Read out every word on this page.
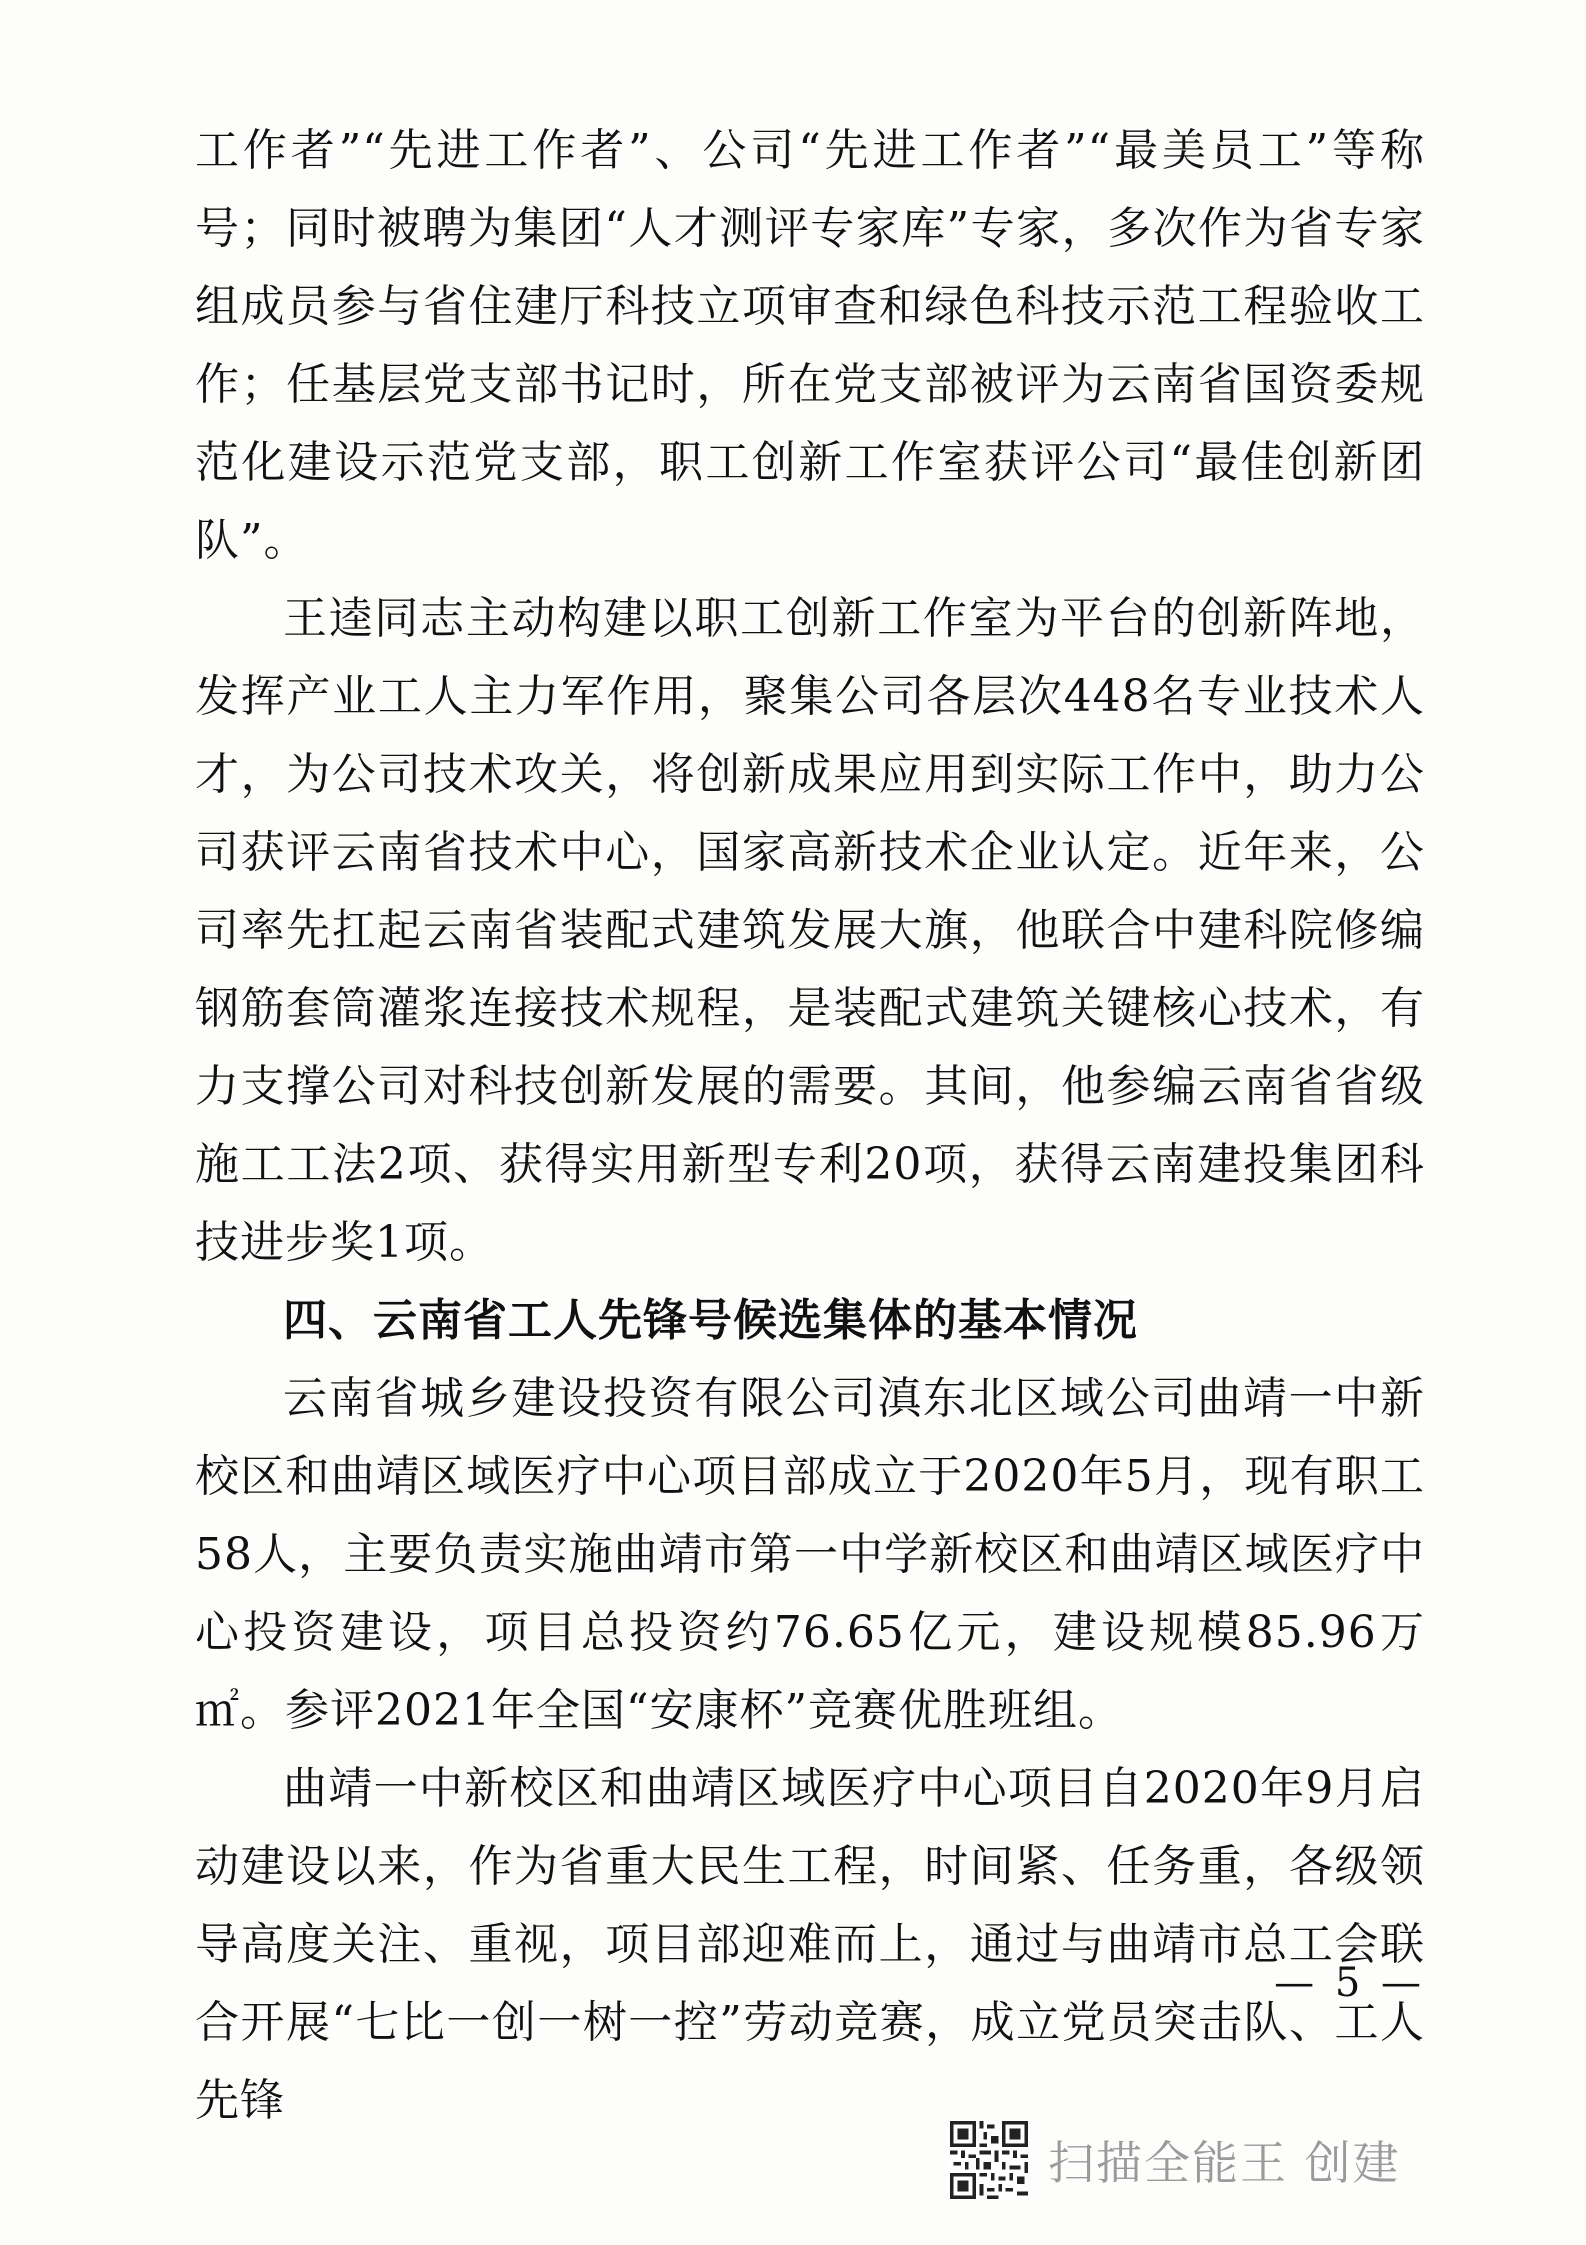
工作者”“先进工作者”、公司“先进工作者”“最美员工”等称号；同时被聘为集团“人才测评专家库”专家，多次作为省专家组成员参与省住建厅科技立项审查和绿色科技示范工程验收工作；任基层党支部书记时，所在党支部被评为云南省国资委规范化建设示范党支部，职工创新工作室获评公司“最佳创新团队”。

王逵同志主动构建以职工创新工作室为平台的创新阵地，发挥产业工人主力军作用，聚集公司各层次448名专业技术人才，为公司技术攻关，将创新成果应用到实际工作中，助力公司获评云南省技术中心，国家高新技术企业认定。近年来，公司率先扛起云南省装配式建筑发展大旗，他联合中建科院修编钢筋套筒灌浆连接技术规程，是装配式建筑关键核心技术，有力支撑公司对科技创新发展的需要。其间，他参编云南省省级施工工法2项、获得实用新型专利20项，获得云南建投集团科技进步奖1项。

四、云南省工人先锋号候选集体的基本情况

云南省城乡建设投资有限公司滇东北区域公司曲靖一中新校区和曲靖区域医疗中心项目部成立于2020年5月，现有职工58人，主要负责实施曲靖市第一中学新校区和曲靖区域医疗中心投资建设，项目总投资约76.65亿元，建设规模85.96万㎡。参评2021年全国“安康杯”竞赛优胜班组。

曲靖一中新校区和曲靖区域医疗中心项目自2020年9月启动建设以来，作为省重大民生工程，时间紧、任务重，各级领导高度关注、重视，项目部迎难而上，通过与曲靖市总工会联合开展“七比一创一树一控”劳动竞赛，成立党员突击队、工人先锋

— 5 —
扫描全能王 创建
